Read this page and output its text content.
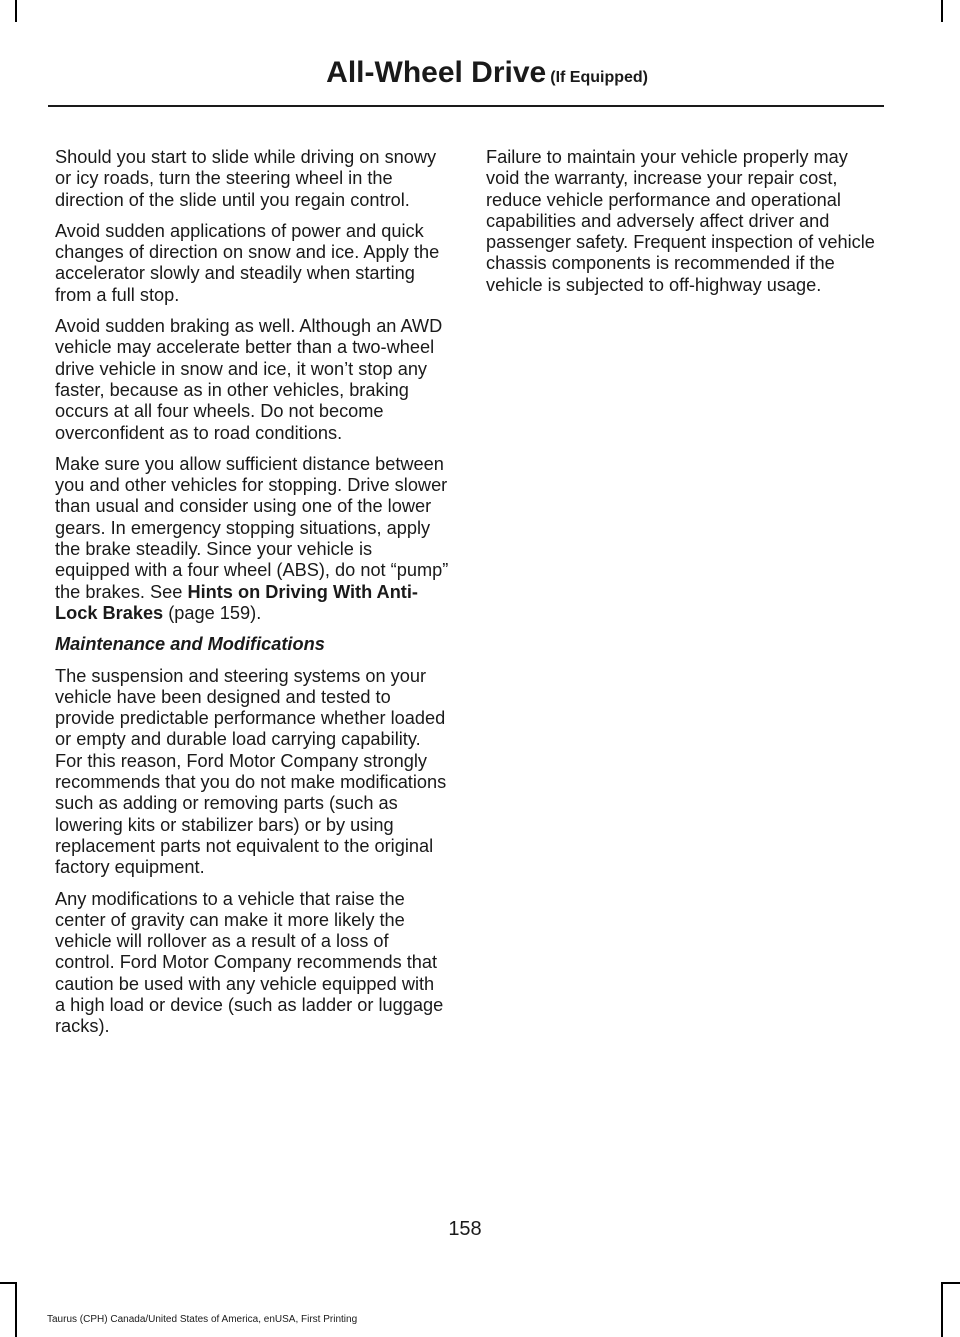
All-Wheel Drive (If Equipped)

Should you start to slide while driving on snowy or icy roads, turn the steering wheel in the direction of the slide until you regain control.

Avoid sudden applications of power and quick changes of direction on snow and ice. Apply the accelerator slowly and steadily when starting from a full stop.

Avoid sudden braking as well. Although an AWD vehicle may accelerate better than a two-wheel drive vehicle in snow and ice, it won’t stop any faster, because as in other vehicles, braking occurs at all four wheels. Do not become overconfident as to road conditions.

Make sure you allow sufficient distance between you and other vehicles for stopping. Drive slower than usual and consider using one of the lower gears. In emergency stopping situations, apply the brake steadily. Since your vehicle is equipped with a four wheel (ABS), do not “pump” the brakes. See Hints on Driving With Anti-Lock Brakes (page 159).

Maintenance and Modifications

The suspension and steering systems on your vehicle have been designed and tested to provide predictable performance whether loaded or empty and durable load carrying capability. For this reason, Ford Motor Company strongly recommends that you do not make modifications such as adding or removing parts (such as lowering kits or stabilizer bars) or by using replacement parts not equivalent to the original factory equipment.

Any modifications to a vehicle that raise the center of gravity can make it more likely the vehicle will rollover as a result of a loss of control. Ford Motor Company recommends that caution be used with any vehicle equipped with a high load or device (such as ladder or luggage racks).

Failure to maintain your vehicle properly may void the warranty, increase your repair cost, reduce vehicle performance and operational capabilities and adversely affect driver and passenger safety. Frequent inspection of vehicle chassis components is recommended if the vehicle is subjected to off-highway usage.

158
Taurus (CPH) Canada/United States of America, enUSA, First Printing
